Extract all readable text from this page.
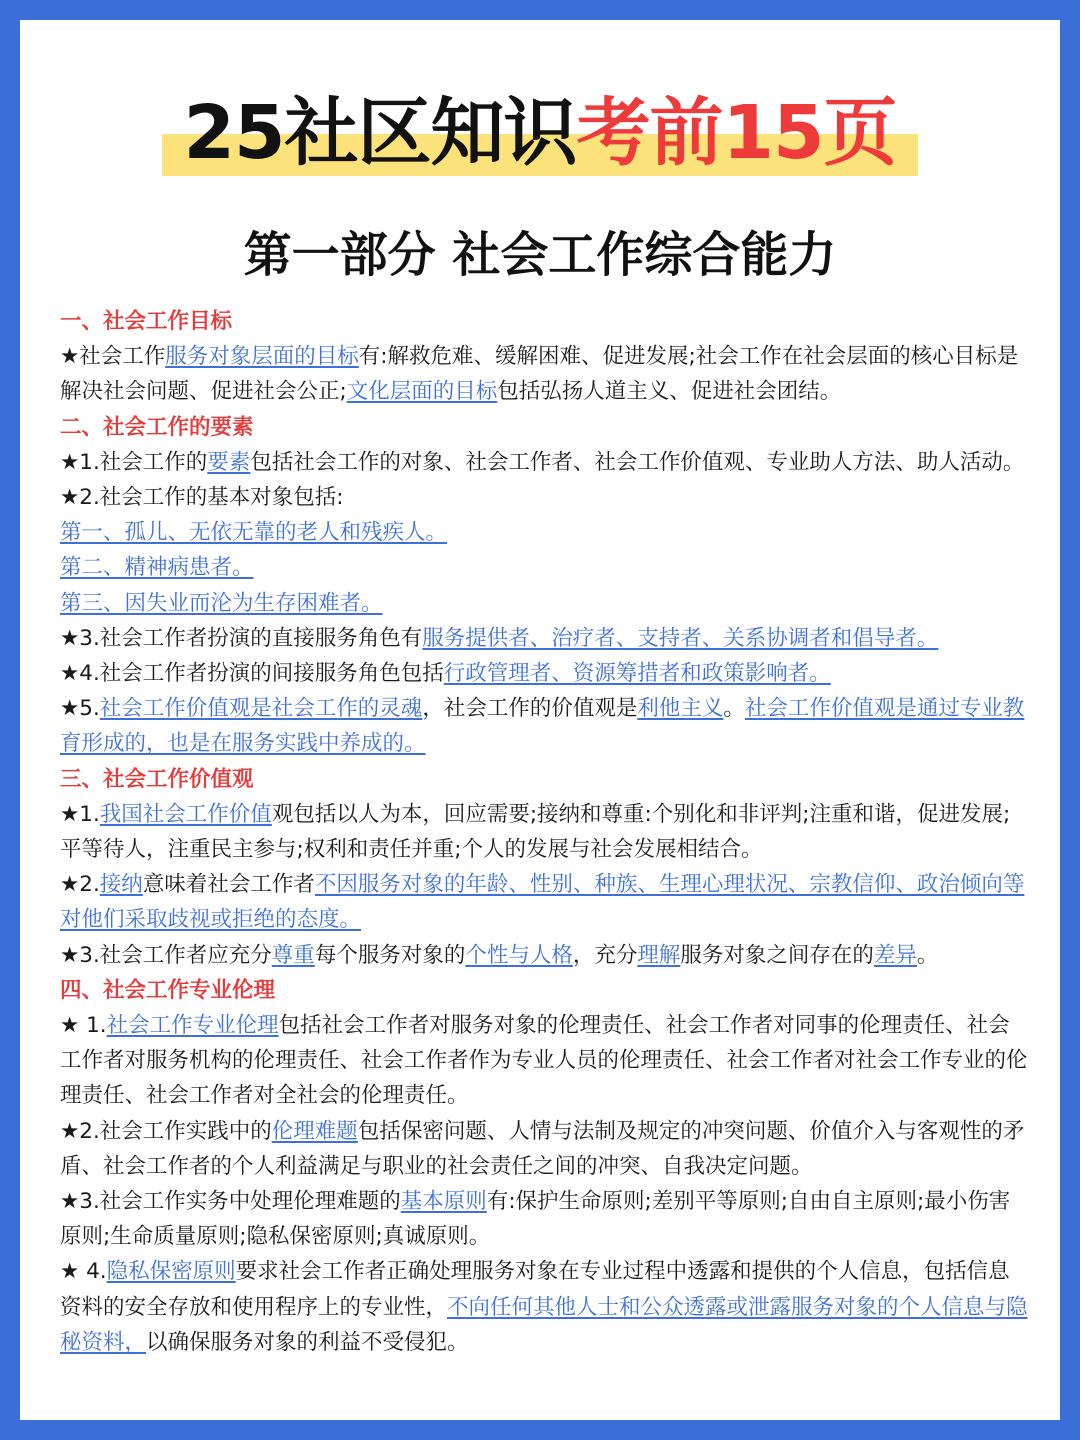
25社区知识考前15页
第一部分 社会工作综合能力

一、社会工作目标

★社会工作服务对象层面的目标有:解救危难、缓解困难、促进发展;社会工作在社会层面的核心目标是解决社会问题、促进社会公正;文化层面的目标包括弘扬人道主义、促进社会团结。

二、社会工作的要素

★1.社会工作的要素包括社会工作的对象、社会工作者、社会工作价值观、专业助人方法、助人活动。

★2.社会工作的基本对象包括:

第一、孤儿、无依无靠的老人和残疾人。

第二、精神病患者。

第三、因失业而沦为生存困难者。

★3.社会工作者扮演的直接服务角色有服务提供者、治疗者、支持者、关系协调者和倡导者。

★4.社会工作者扮演的间接服务角色包括行政管理者、资源筹措者和政策影响者。

★5.社会工作价值观是社会工作的灵魂，社会工作的价值观是利他主义。社会工作价值观是通过专业教育形成的，也是在服务实践中养成的。

三、社会工作价值观

★1.我国社会工作价值观包括以人为本，回应需要;接纳和尊重:个别化和非评判;注重和谐，促进发展;平等待人，注重民主参与;权利和责任并重;个人的发展与社会发展相结合。

★2.接纳意味着社会工作者不因服务对象的年龄、性别、种族、生理心理状况、宗教信仰、政治倾向等对他们采取歧视或拒绝的态度。

★3.社会工作者应充分尊重每个服务对象的个性与人格，充分理解服务对象之间存在的差异。

四、社会工作专业伦理

★ 1.社会工作专业伦理包括社会工作者对服务对象的伦理责任、社会工作者对同事的伦理责任、社会工作者对服务机构的伦理责任、社会工作者作为专业人员的伦理责任、社会工作者对社会工作专业的伦理责任、社会工作者对全社会的伦理责任。

★2.社会工作实践中的伦理难题包括保密问题、人情与法制及规定的冲突问题、价值介入与客观性的矛盾、社会工作者的个人利益满足与职业的社会责任之间的冲突、自我决定问题。

★3.社会工作实务中处理伦理难题的基本原则有:保护生命原则;差别平等原则;自由自主原则;最小伤害原则;生命质量原则;隐私保密原则;真诚原则。

★ 4.隐私保密原则要求社会工作者正确处理服务对象在专业过程中透露和提供的个人信息，包括信息资料的安全存放和使用程序上的专业性，不向任何其他人士和公众透露或泄露服务对象的个人信息与隐秘资料，以确保服务对象的利益不受侵犯。
